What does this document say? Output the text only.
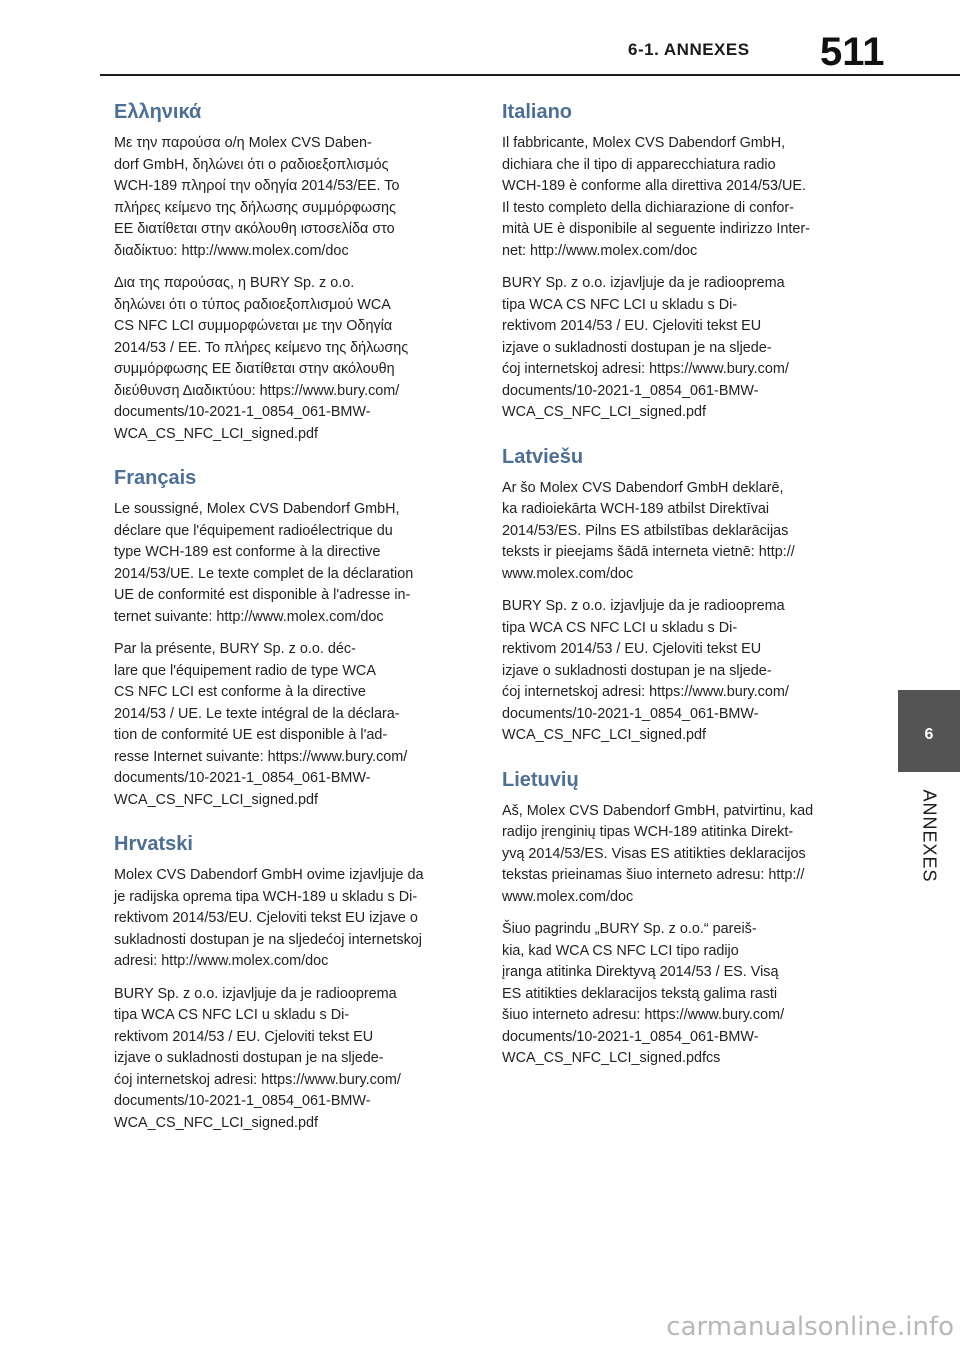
6-1. ANNEXES 511
Ελληνικά

Με την παρούσα ο/η Molex CVS Daben-
dorf GmbH, δηλώνει ότι ο ραδιοεξοπλισμός
WCH-189 πληροί την οδηγία 2014/53/ΕΕ. Το
πλήρες κείμενο της δήλωσης συμμόρφωσης
ΕΕ διατίθεται στην ακόλουθη ιστοσελίδα στο
διαδίκτυο: http://www.molex.com/doc

Δια της παρούσας, η BURY Sp. z o.o.
δηλώνει ότι ο τύπος ραδιοεξοπλισμού WCA
CS NFC LCI συμμορφώνεται με την Οδηγία
2014/53 / ΕΕ. Το πλήρες κείμενο της δήλωσης
συμμόρφωσης ΕΕ διατίθεται στην ακόλουθη
διεύθυνση Διαδικτύου: https://www.bury.com/
documents/10-2021-1_0854_061-BMW-
WCA_CS_NFC_LCI_signed.pdf

Français

Le soussigné, Molex CVS Dabendorf GmbH,
déclare que l'équipement radioélectrique du
type WCH-189 est conforme à la directive
2014/53/UE. Le texte complet de la déclaration
UE de conformité est disponible à l'adresse in-
ternet suivante: http://www.molex.com/doc

Par la présente, BURY Sp. z o.o. déc-
lare que l'équipement radio de type WCA
CS NFC LCI est conforme à la directive
2014/53 / UE. Le texte intégral de la déclara-
tion de conformité UE est disponible à l'ad-
resse Internet suivante: https://www.bury.com/
documents/10-2021-1_0854_061-BMW-
WCA_CS_NFC_LCI_signed.pdf

Hrvatski

Molex CVS Dabendorf GmbH ovime izjavljuje da
je radijska oprema tipa WCH-189 u skladu s Di-
rektivom 2014/53/EU. Cjeloviti tekst EU izjave o
sukladnosti dostupan je na sljedećoj internetskoj
adresi: http://www.molex.com/doc

BURY Sp. z o.o. izjavljuje da je radiooprema
tipa WCA CS NFC LCI u skladu s Di-
rektivom 2014/53 / EU. Cjeloviti tekst EU
izjave o sukladnosti dostupan je na sljede-
ćoj internetskoj adresi: https://www.bury.com/
documents/10-2021-1_0854_061-BMW-
WCA_CS_NFC_LCI_signed.pdf

Italiano

Il fabbricante, Molex CVS Dabendorf GmbH,
dichiara che il tipo di apparecchiatura radio
WCH-189 è conforme alla direttiva 2014/53/UE.
Il testo completo della dichiarazione di confor-
mità UE è disponibile al seguente indirizzo Inter-
net: http://www.molex.com/doc

BURY Sp. z o.o. izjavljuje da je radiooprema
tipa WCA CS NFC LCI u skladu s Di-
rektivom 2014/53 / EU. Cjeloviti tekst EU
izjave o sukladnosti dostupan je na sljede-
ćoj internetskoj adresi: https://www.bury.com/
documents/10-2021-1_0854_061-BMW-
WCA_CS_NFC_LCI_signed.pdf

Latviešu

Ar šo Molex CVS Dabendorf GmbH deklarē,
ka radioiekārta WCH-189 atbilst Direktīvai
2014/53/ES. Pilns ES atbilstības deklarācijas
teksts ir pieejams šādā interneta vietnē: http://
www.molex.com/doc

BURY Sp. z o.o. izjavljuje da je radiooprema
tipa WCA CS NFC LCI u skladu s Di-
rektivom 2014/53 / EU. Cjeloviti tekst EU
izjave o sukladnosti dostupan je na sljede-
ćoj internetskoj adresi: https://www.bury.com/
documents/10-2021-1_0854_061-BMW-
WCA_CS_NFC_LCI_signed.pdf

Lietuvių

Aš, Molex CVS Dabendorf GmbH, patvirtinu, kad
radijo įrenginių tipas WCH-189 atitinka Direkt-
yvą 2014/53/ES. Visas ES atitikties deklaracijos
tekstas prieinamas šiuo interneto adresu: http://
www.molex.com/doc

Šiuo pagrindu „BURY Sp. z o.o.“ pareiš-
kia, kad WCA CS NFC LCI tipo radijo
įranga atitinka Direktyvą 2014/53 / ES. Visą
ES atitikties deklaracijos tekstą galima rasti
šiuo interneto adresu: https://www.bury.com/
documents/10-2021-1_0854_061-BMW-
WCA_CS_NFC_LCI_signed.pdfcs

6
ANNEXES
carmanualsonline.info
